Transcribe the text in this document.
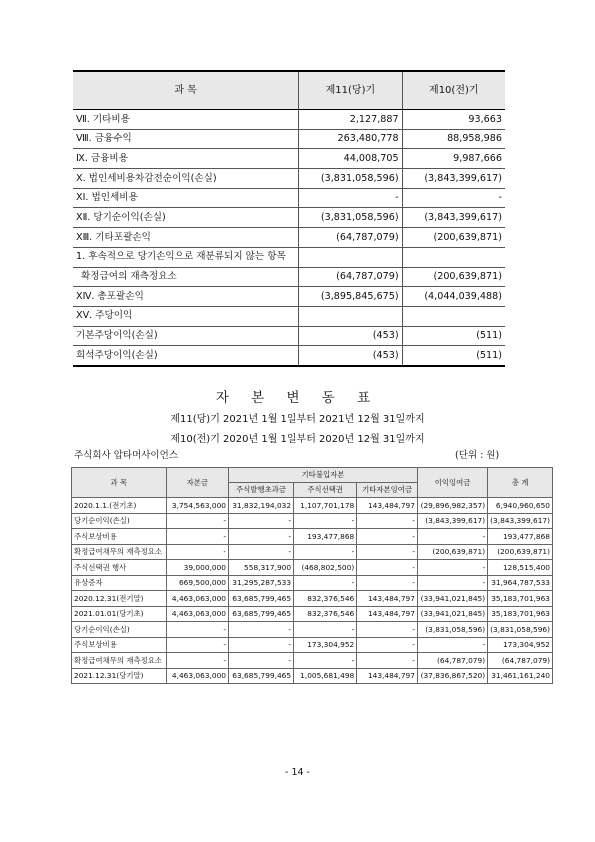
과 목	제11(당)기	제10(전)기
Ⅶ. 기타비용	2,127,887	93,663
Ⅷ. 금융수익	263,480,778	88,958,986
Ⅸ. 금융비용	44,008,705	9,987,666
Ⅹ. 법인세비용차감전순이익(손실)	(3,831,058,596)	(3,843,399,617)
ⅩⅠ. 법인세비용	-	-
ⅩⅡ. 당기순이익(손실)	(3,831,058,596)	(3,843,399,617)
ⅩⅢ. 기타포괄손익	(64,787,079)	(200,639,871)
1. 후속적으로 당기손익으로 재분류되지 않는 항목		
확정급여의 재측정요소	(64,787,079)	(200,639,871)
ⅩⅣ. 총포괄손익	(3,895,845,675)	(4,044,039,488)
ⅩⅤ. 주당이익		
기본주당이익(손실)	(453)	(511)
희석주당이익(손실)	(453)	(511)
자 본 변 동 표
제11(당)기 2021년 1월 1일부터 2021년 12월 31일까지
제10(전)기 2020년 1월 1일부터 2020년 12월 31일까지
주식회사 압타머사이언스	(단위 : 원)
과 목	자본금	기타불입자본			이익잉여금	총 계
		주식발행초과금	주식선택권	기타자본잉여금		
2020.1.1.(전기초)	3,754,563,000	31,832,194,032	1,107,701,178	143,484,797	(29,896,982,357)	6,940,960,650
당기순이익(손실)	-	-	-	-	(3,843,399,617)	(3,843,399,617)
주식보상비용	-	-	193,477,868	-	-	193,477,868
확정급여채무의 재측정요소	-	-	-	-	(200,639,871)	(200,639,871)
주식선택권 행사	39,000,000	558,317,900	(468,802,500)	-	-	128,515,400
유상증자	669,500,000	31,295,287,533	-	-	-	31,964,787,533
2020.12.31(전기말)	4,463,063,000	63,685,799,465	832,376,546	143,484,797	(33,941,021,845)	35,183,701,963
2021.01.01(당기초)	4,463,063,000	63,685,799,465	832,376,546	143,484,797	(33,941,021,845)	35,183,701,963
당기순이익(손실)	-	-	-	-	(3,831,058,596)	(3,831,058,596)
주식보상비용	-	-	173,304,952	-	-	173,304,952
확정급여채무의 재측정요소	-	-	-	-	(64,787,079)	(64,787,079)
2021.12.31(당기말)	4,463,063,000	63,685,799,465	1,005,681,498	143,484,797	(37,836,867,520)	31,461,161,240
- 14 -
